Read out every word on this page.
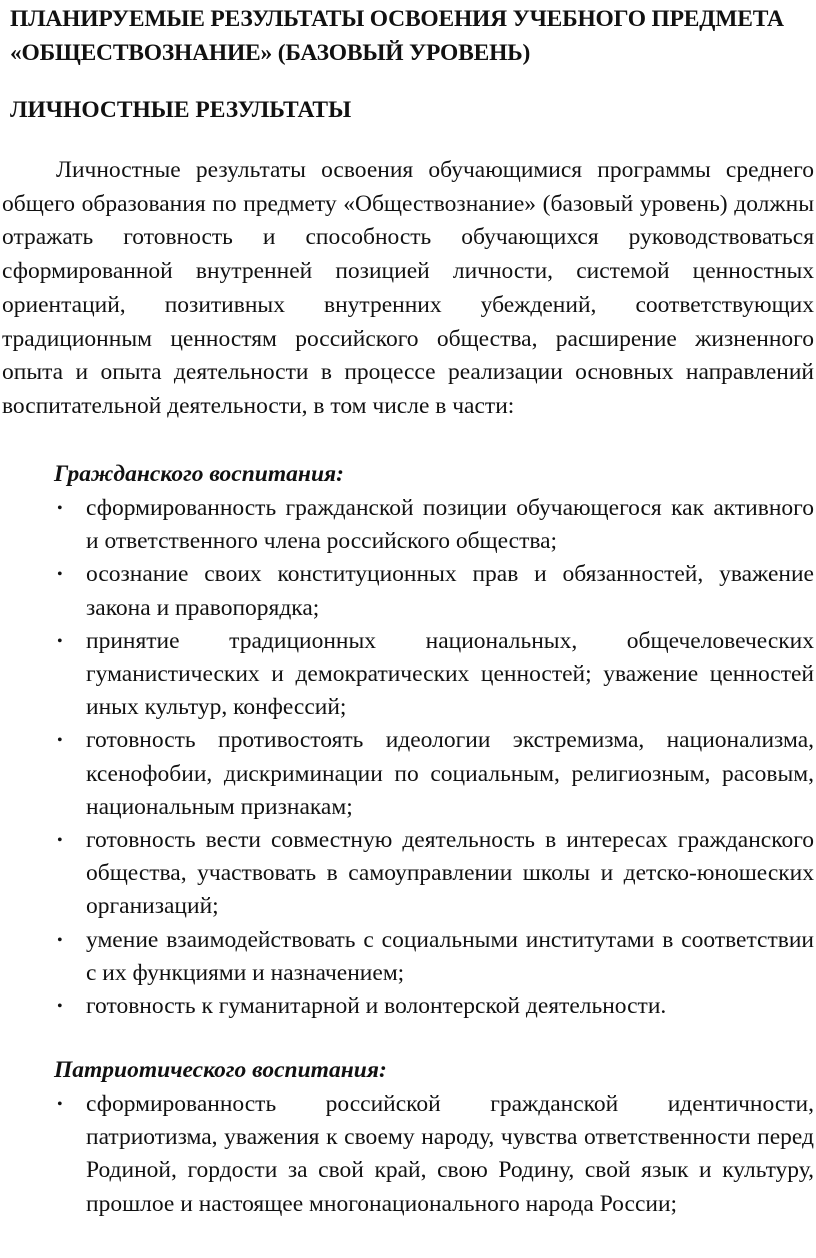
ПЛАНИРУЕМЫЕ РЕЗУЛЬТАТЫ ОСВОЕНИЯ УЧЕБНОГО ПРЕДМЕТА «ОБЩЕСТВОЗНАНИЕ» (БАЗОВЫЙ УРОВЕНЬ)
ЛИЧНОСТНЫЕ РЕЗУЛЬТАТЫ

Личностные результаты освоения обучающимися программы среднего общего образования по предмету «Обществознание» (базовый уровень) должны отражать готовность и способность обучающихся руководствоваться сформированной внутренней позицией личности, системой ценностных ориентаций, позитивных внутренних убеждений, соответствующих традиционным ценностям российского общества, расширение жизненного опыта и опыта деятельности в процессе реализации основных направлений воспитательной деятельности, в том числе в части:

Гражданского воспитания:

• сформированность гражданской позиции обучающегося как активного и ответственного члена российского общества;
• осознание своих конституционных прав и обязанностей, уважение закона и правопорядка;
• принятие традиционных национальных, общечеловеческих гуманистических и демократических ценностей; уважение ценностей иных культур, конфессий;
• готовность противостоять идеологии экстремизма, национализма, ксенофобии, дискриминации по социальным, религиозным, расовым, национальным признакам;
• готовность вести совместную деятельность в интересах гражданского общества, участвовать в самоуправлении школы и детско-юношеских организаций;
• умение взаимодействовать с социальными институтами в соответствии с их функциями и назначением;
• готовность к гуманитарной и волонтерской деятельности.

Патриотического воспитания:

• сформированность российской гражданской идентичности, патриотизма, уважения к своему народу, чувства ответственности перед Родиной, гордости за свой край, свою Родину, свой язык и культуру, прошлое и настоящее многонационального народа России;
